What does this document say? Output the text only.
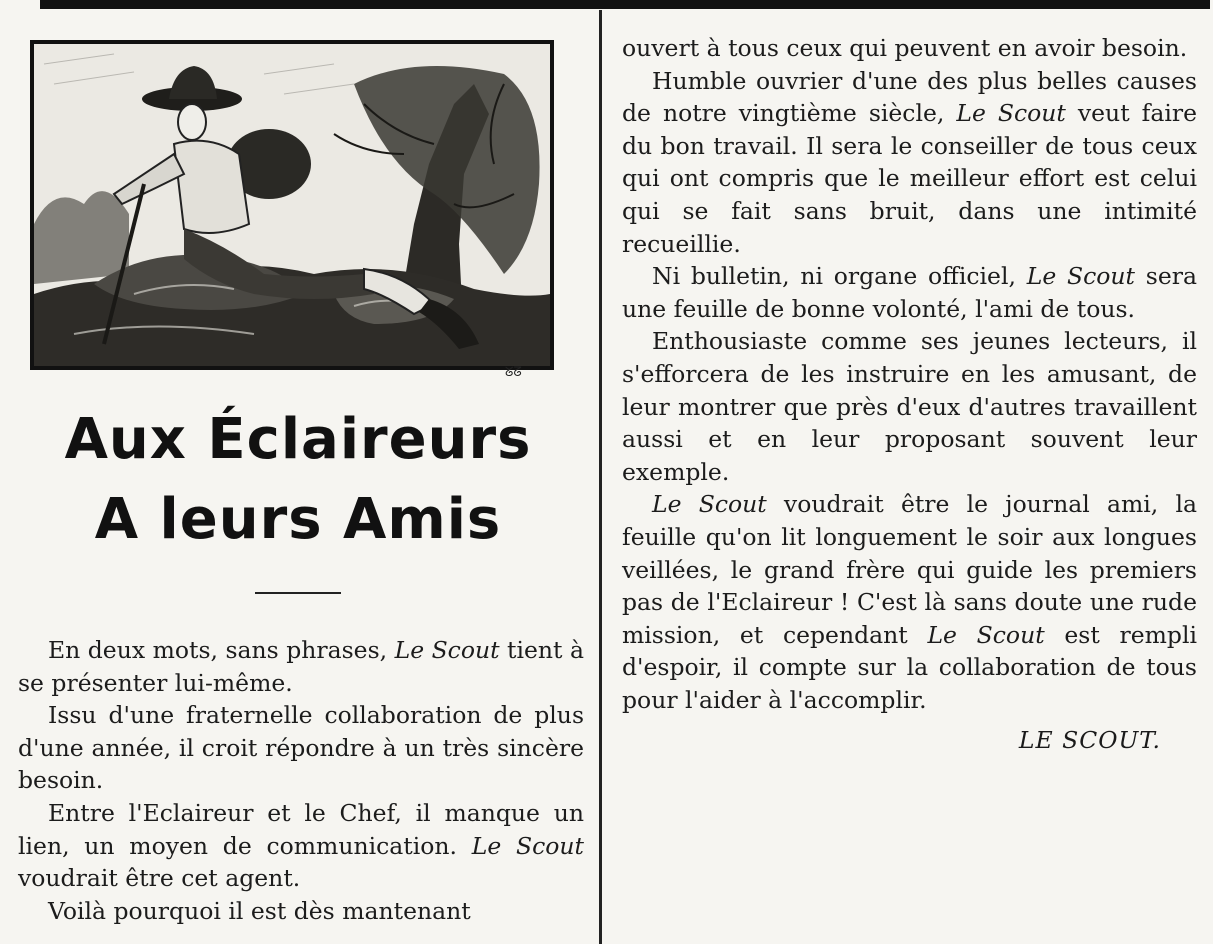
ᘜᘔ
Aux Éclaireurs
A leurs Amis

En deux mots, sans phrases, Le Scout tient à se présenter lui-même.

Issu d'une fraternelle collaboration de plus d'une année, il croit répondre à un très sincère besoin.

Entre l'Eclaireur et le Chef, il manque un lien, un moyen de communication. Le Scout voudrait être cet agent.

Voilà pourquoi il est dès mantenant

ouvert à tous ceux qui peuvent en avoir besoin.

Humble ouvrier d'une des plus belles causes de notre vingtième siècle, Le Scout veut faire du bon travail. Il sera le conseiller de tous ceux qui ont compris que le meilleur effort est celui qui se fait sans bruit, dans une intimité recueillie.

Ni bulletin, ni organe officiel, Le Scout sera une feuille de bonne volonté, l'ami de tous.

Enthousiaste comme ses jeunes lecteurs, il s'efforcera de les instruire en les amusant, de leur montrer que près d'eux d'autres travaillent aussi et en leur proposant souvent leur exemple.

Le Scout voudrait être le journal ami, la feuille qu'on lit longuement le soir aux longues veillées, le grand frère qui guide les premiers pas de l'Eclaireur ! C'est là sans doute une rude mission, et cependant Le Scout est rempli d'espoir, il compte sur la collaboration de tous pour l'aider à l'accomplir.

LE SCOUT.
